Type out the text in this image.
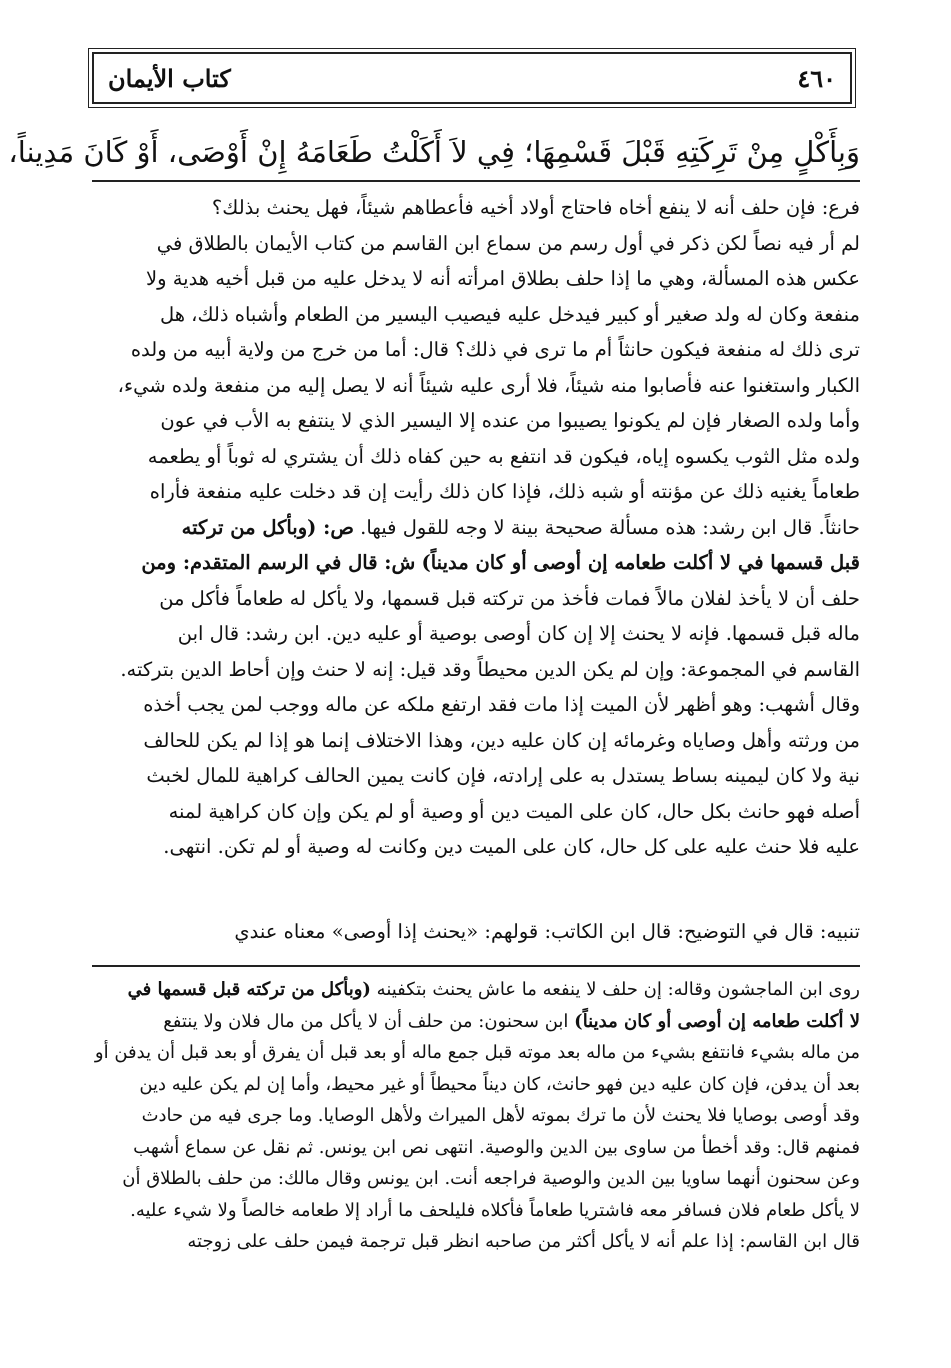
كتاب الأيمان	٤٦٠
وَبِأَكْلٍ مِنْ تَرِكَتِهِ قَبْلَ قَسْمِهَا؛ فِي لاَ أَكَلْتُ طَعَامَهُ إِنْ أَوْصَى، أَوْ كَانَ مَدِيناً،
فرع: فإن حلف أنه لا ينفع أخاه فاحتاج أولاد أخيه فأعطاهم شيئاً، فهل يحنث بذلك؟
لم أر فيه نصاً لكن ذكر في أول رسم من سماع ابن القاسم من كتاب الأيمان بالطلاق في
عكس هذه المسألة، وهي ما إذا حلف بطلاق امرأته أنه لا يدخل عليه من قبل أخيه هدية ولا
منفعة وكان له ولد صغير أو كبير فيدخل عليه فيصيب اليسير من الطعام وأشباه ذلك، هل
ترى ذلك له منفعة فيكون حانثاً أم ما ترى في ذلك؟ قال: أما من خرج من ولاية أبيه من ولده
الكبار واستغنوا عنه فأصابوا منه شيئاً، فلا أرى عليه شيئاً أنه لا يصل إليه من منفعة ولده شيء،
وأما ولده الصغار فإن لم يكونوا يصيبوا من عنده إلا اليسير الذي لا ينتفع به الأب في عون
ولده مثل الثوب يكسوه إياه، فيكون قد انتفع به حين كفاه ذلك أن يشتري له ثوباً أو يطعمه
طعاماً يغنيه ذلك عن مؤنته أو شبه ذلك، فإذا كان ذلك رأيت إن قد دخلت عليه منفعة فأراه
حانثاً. قال ابن رشد: هذه مسألة صحيحة بينة لا وجه للقول فيها. ص: (وبأكل من تركته
قبل قسمها في لا أكلت طعامه إن أوصى أو كان مديناً) ش: قال في الرسم المتقدم: ومن
حلف أن لا يأخذ لفلان مالاً فمات فأخذ من تركته قبل قسمها، ولا يأكل له طعاماً فأكل من
ماله قبل قسمها. فإنه لا يحنث إلا إن كان أوصى بوصية أو عليه دين. ابن رشد: قال ابن
القاسم في المجموعة: وإن لم يكن الدين محيطاً وقد قيل: إنه لا حنث وإن أحاط الدين بتركته.
وقال أشهب: وهو أظهر لأن الميت إذا مات فقد ارتفع ملكه عن ماله ووجب لمن يجب أخذه
من ورثته وأهل وصاياه وغرمائه إن كان عليه دين، وهذا الاختلاف إنما هو إذا لم يكن للحالف
نية ولا كان ليمينه بساط يستدل به على إرادته، فإن كانت يمين الحالف كراهية للمال لخبث
أصله فهو حانث بكل حال، كان على الميت دين أو وصية أو لم يكن وإن كان كراهية لمنه
عليه فلا حنث عليه على كل حال، كان على الميت دين وكانت له وصية أو لم تكن. انتهى.
تنبيه: قال في التوضيح: قال ابن الكاتب: قولهم: «يحنث إذا أوصى» معناه عندي
روى ابن الماجشون وقاله: إن حلف لا ينفعه ما عاش يحنث بتكفينه (وبأكل من تركته قبل قسمها في
لا أكلت طعامه إن أوصى أو كان مديناً) ابن سحنون: من حلف أن لا يأكل من مال فلان ولا ينتفع
من ماله بشيء فانتفع بشيء من ماله بعد موته قبل جمع ماله أو بعد قبل أن يفرق أو بعد قبل أن يدفن أو
بعد أن يدفن، فإن كان عليه دين فهو حانث، كان ديناً محيطاً أو غير محيط، وأما إن لم يكن عليه دين
وقد أوصى بوصايا فلا يحنث لأن ما ترك بموته لأهل الميراث ولأهل الوصايا. وما جرى فيه من حادث
فمنهم قال: وقد أخطأ من ساوى بين الدين والوصية. انتهى نص ابن يونس. ثم نقل عن سماع أشهب
وعن سحنون أنهما ساويا بين الدين والوصية فراجعه أنت. ابن يونس وقال مالك: من حلف بالطلاق أن
لا يأكل طعام فلان فسافر معه فاشتريا طعاماً فأكلاه فليلحف ما أراد إلا طعامه خالصاً ولا شيء عليه.
قال ابن القاسم: إذا علم أنه لا يأكل أكثر من صاحبه انظر قبل ترجمة فيمن حلف على زوجته
